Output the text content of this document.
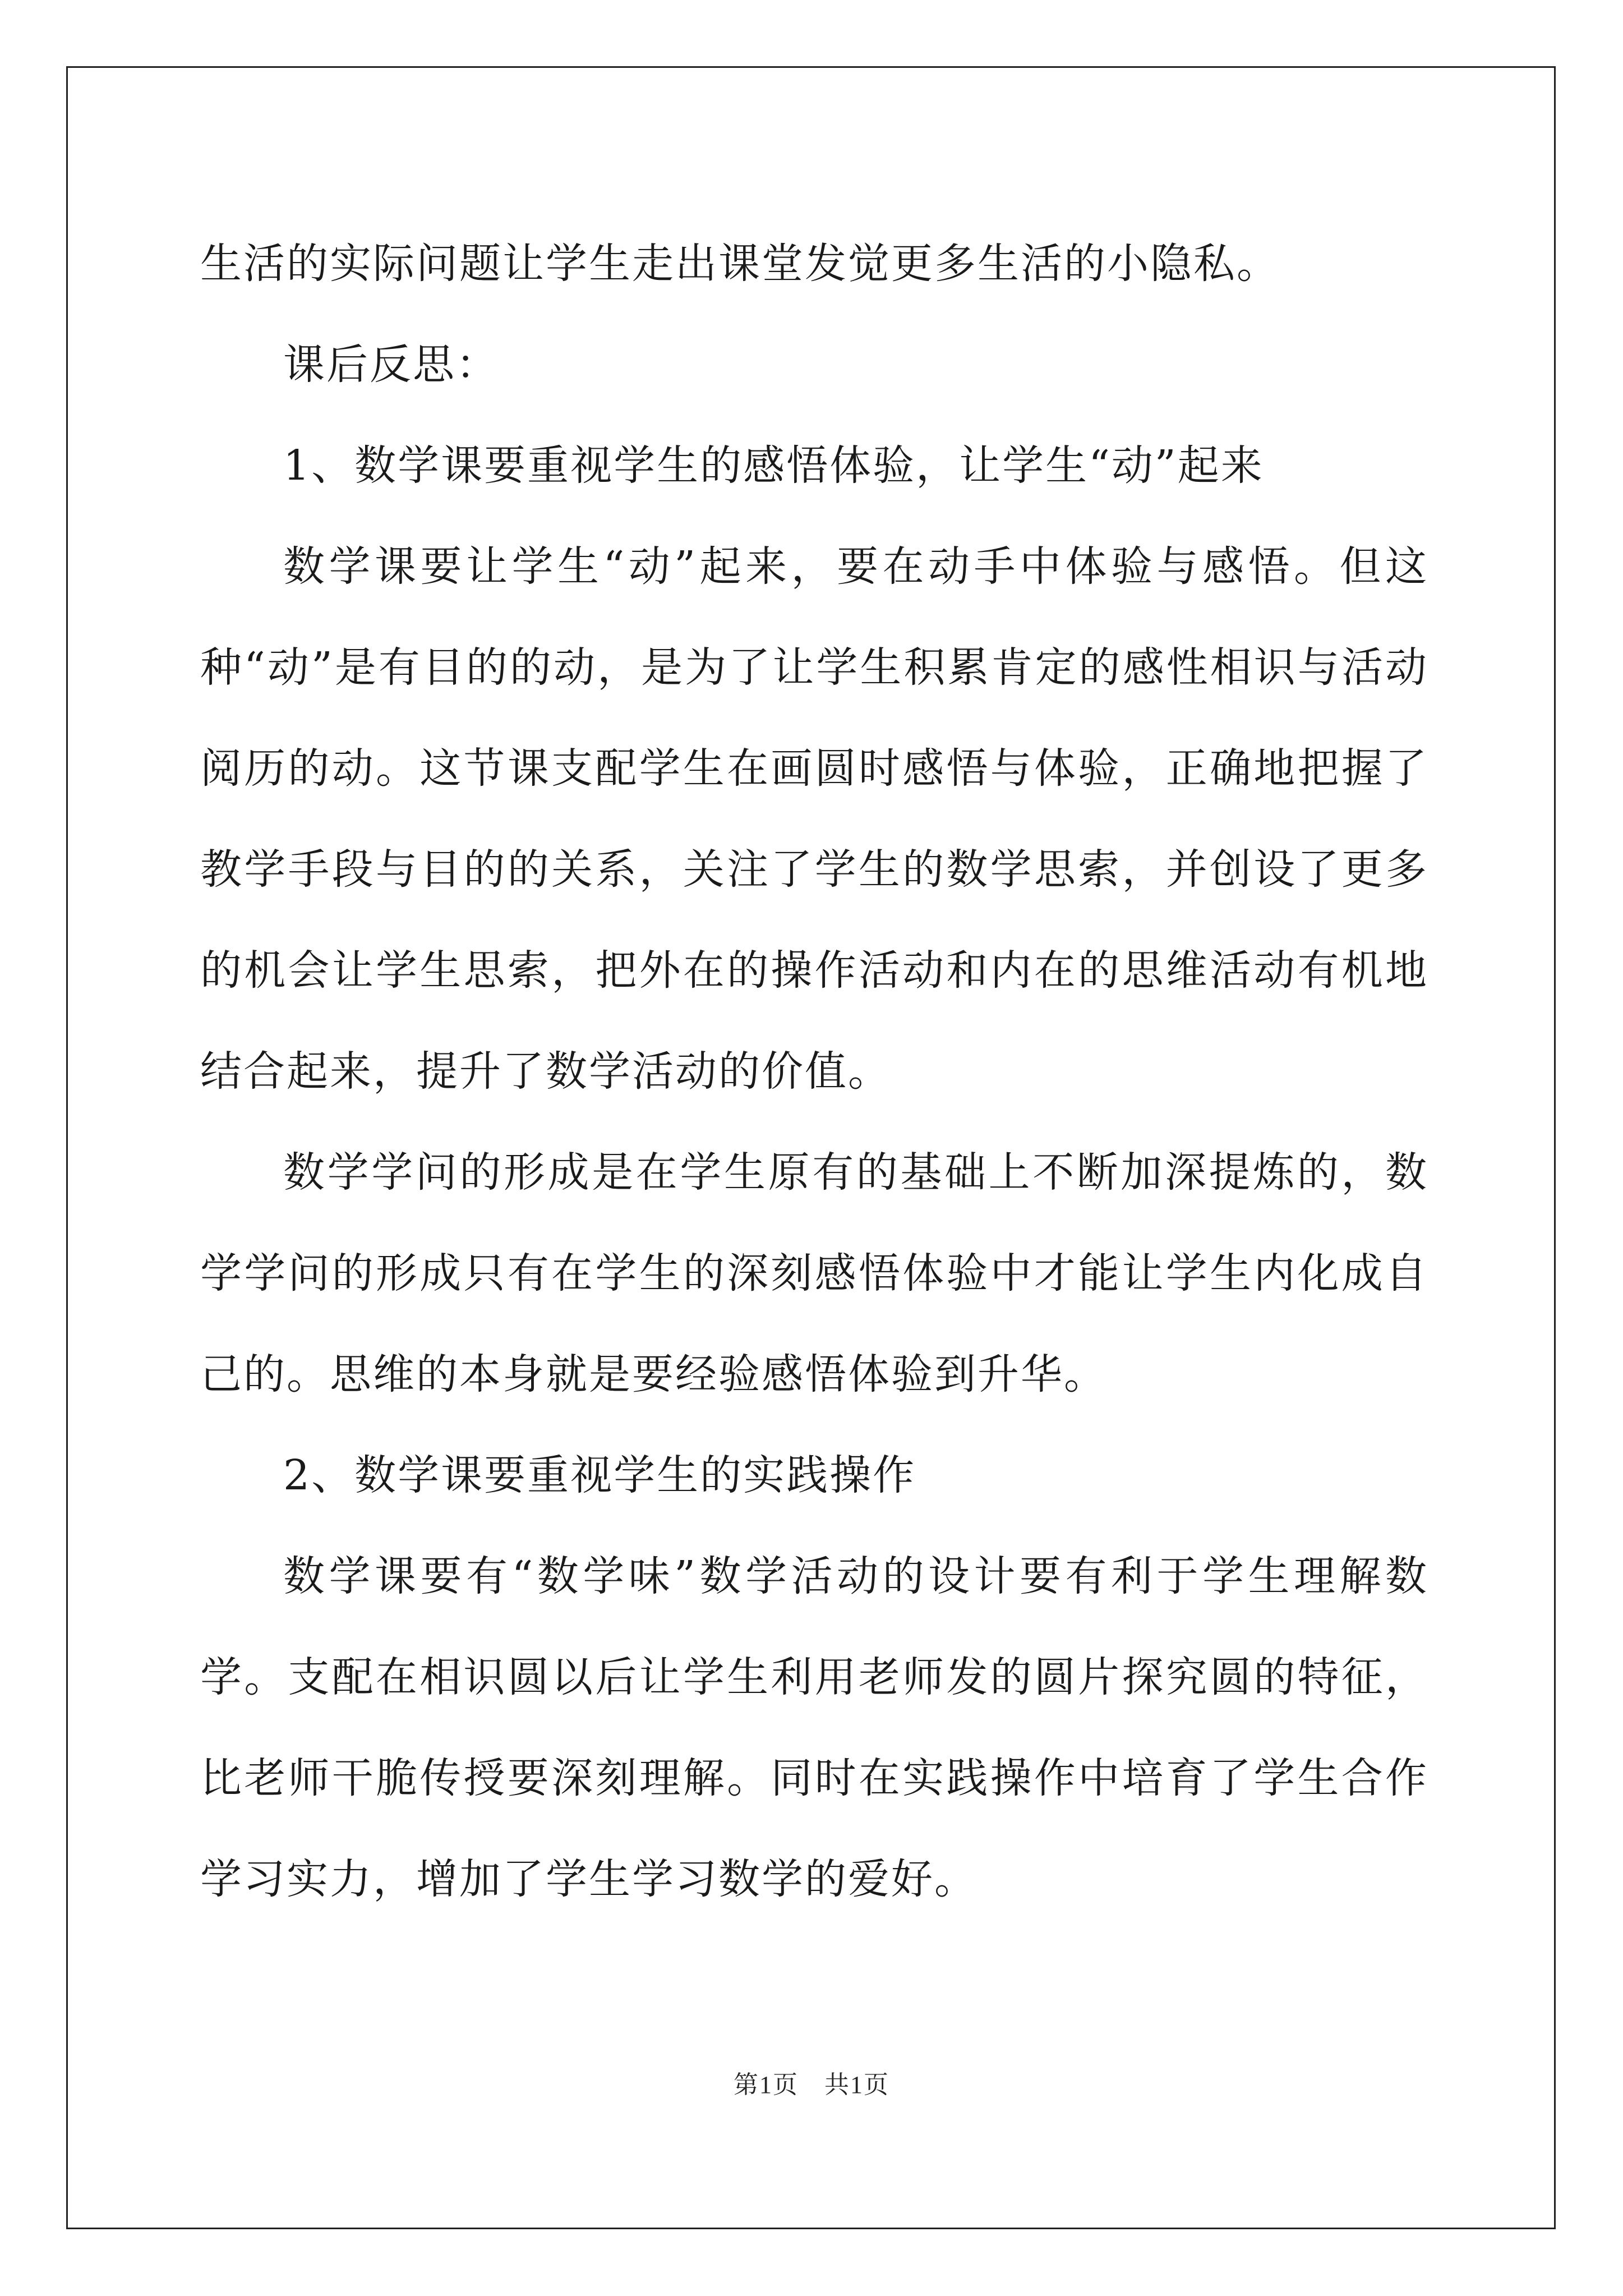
生活的实际问题让学生走出课堂发觉更多生活的小隐私。

课后反思：

1、数学课要重视学生的感悟体验，让学生“动”起来

数学课要让学生“动”起来，要在动手中体验与感悟。但这种“动”是有目的的动，是为了让学生积累肯定的感性相识与活动阅历的动。这节课支配学生在画圆时感悟与体验，正确地把握了教学手段与目的的关系，关注了学生的数学思索，并创设了更多的机会让学生思索，把外在的操作活动和内在的思维活动有机地结合起来，提升了数学活动的价值。

数学学问的形成是在学生原有的基础上不断加深提炼的，数学学问的形成只有在学生的深刻感悟体验中才能让学生内化成自己的。思维的本身就是要经验感悟体验到升华。

2、数学课要重视学生的实践操作

数学课要有“数学味”数学活动的设计要有利于学生理解数学。支配在相识圆以后让学生利用老师发的圆片探究圆的特征，比老师干脆传授要深刻理解。同时在实践操作中培育了学生合作学习实力，增加了学生学习数学的爱好。

第1页　共1页
